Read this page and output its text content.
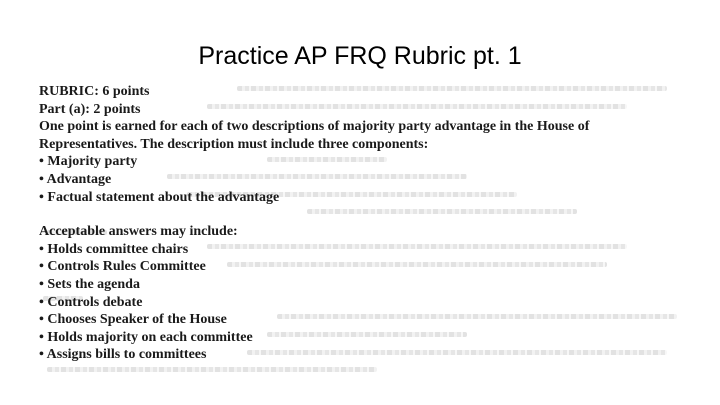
Practice AP FRQ Rubric pt. 1
RUBRIC: 6 points
Part (a): 2 points
One point is earned for each of two descriptions of majority party advantage in the House of
Representatives. The description must include three components:
• Majority party
• Advantage
• Factual statement about the advantage
Acceptable answers may include:
• Holds committee chairs
• Controls Rules Committee
• Sets the agenda
• Controls debate
• Chooses Speaker of the House
• Holds majority on each committee
• Assigns bills to committees
